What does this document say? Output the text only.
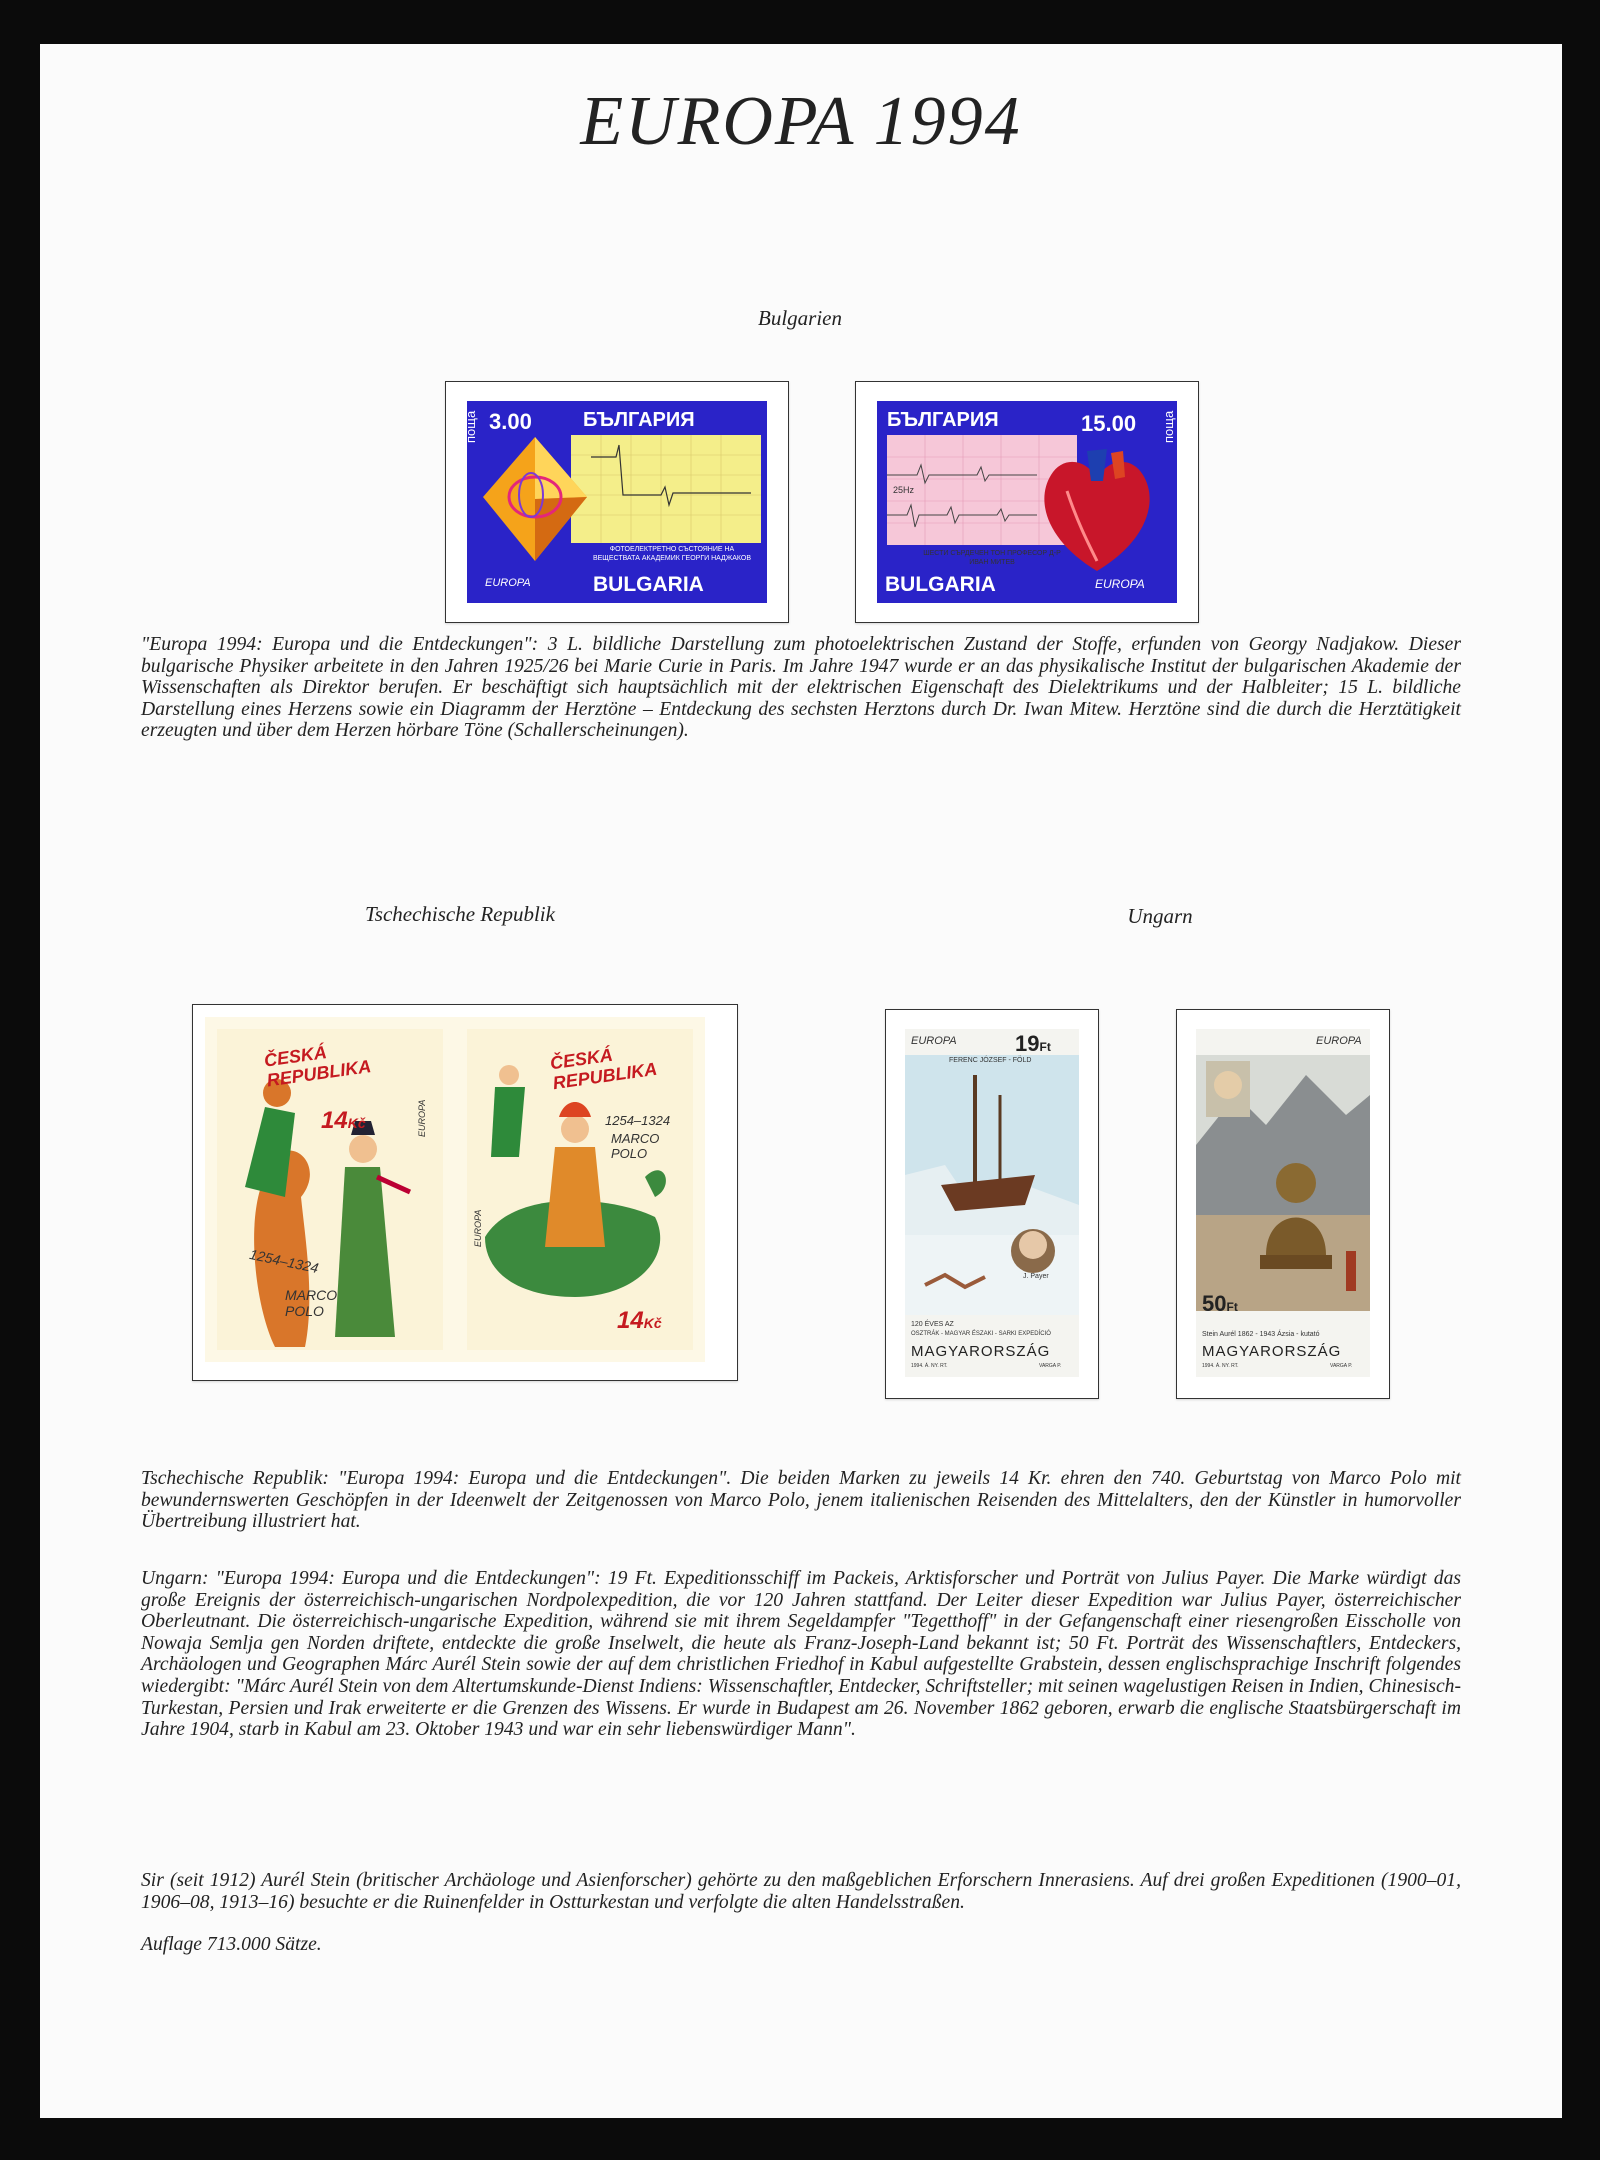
EUROPA 1994
Bulgarien
поща 3.00	БЪЛГАРИЯ
ФОТОЕЛЕКТРЕТНО СЪСТОЯНИЕ НА ВЕЩЕСТВАТА АКАДЕМИК ГЕОРГИ НАДЖАКОВ
EUROPA	BULGARIA
БЪЛГАРИЯ	15.00 поща
25Hz
ШЕСТИ СЪРДЕЧЕН ТОН ПРОФЕСОР Д-Р ИВАН МИТЕВ
BULGARIA	EUROPA

"Europa 1994: Europa und die Entdeckungen": 3 L. bildliche Darstellung zum photoelektrischen Zustand der Stoffe, erfunden von Georgy Nadjakow. Dieser bulgarische Physiker arbeitete in den Jahren 1925/26 bei Marie Curie in Paris. Im Jahre 1947 wurde er an das physikalische Institut der bulgarischen Akademie der Wissenschaften als Direktor berufen. Er beschäftigt sich hauptsächlich mit der elektrischen Eigenschaft des Dielektrikums und der Halbleiter; 15 L. bildliche Darstellung eines Herzens sowie ein Diagramm der Herztöne – Entdeckung des sechsten Herztons durch Dr. Iwan Mitew. Herztöne sind die durch die Herztätigkeit erzeugten und über dem Herzen hörbare Töne (Schallerscheinungen).

Tschechische Republik	Ungarn
ČESKÁ REPUBLIKA
14Kč	EUROPA
1254–1324
MARCO POLO
ČESKÁ REPUBLIKA
1254–1324
MARCO POLO
EUROPA
14Kč
EUROPA	19Ft
FERENC JÓZSEF - FÖLD
J. Payer
120 ÉVES AZ
OSZTRÁK - MAGYAR ÉSZAKI - SARKI EXPEDÍCIÓ
MAGYARORSZÁG
1994. Á. NY. RT.	VARGA P.
EUROPA
50Ft
Stein Aurél 1862 - 1943 Ázsia - kutató
MAGYARORSZÁG
1994. Á. NY. RT.	VARGA P.

Tschechische Republik: "Europa 1994: Europa und die Entdeckungen". Die beiden Marken zu jeweils 14 Kr. ehren den 740. Geburtstag von Marco Polo mit bewundernswerten Geschöpfen in der Ideenwelt der Zeitgenossen von Marco Polo, jenem italienischen Reisenden des Mittelalters, den der Künstler in humorvoller Übertreibung illustriert hat.

Ungarn: "Europa 1994: Europa und die Entdeckungen": 19 Ft. Expeditionsschiff im Packeis, Arktisforscher und Porträt von Julius Payer. Die Marke würdigt das große Ereignis der österreichisch-ungarischen Nordpolexpedition, die vor 120 Jahren stattfand. Der Leiter dieser Expedition war Julius Payer, österreichischer Oberleutnant. Die österreichisch-ungarische Expedition, während sie mit ihrem Segeldampfer "Tegetthoff" in der Gefangenschaft einer riesengroßen Eisscholle von Nowaja Semlja gen Norden driftete, entdeckte die große Inselwelt, die heute als Franz-Joseph-Land bekannt ist; 50 Ft. Porträt des Wissenschaftlers, Entdeckers, Archäologen und Geographen Márc Aurél Stein sowie der auf dem christlichen Friedhof in Kabul aufgestellte Grabstein, dessen englischsprachige Inschrift folgendes wiedergibt: "Márc Aurél Stein von dem Altertumskunde-Dienst Indiens: Wissenschaftler, Entdecker, Schriftsteller; mit seinen wagelustigen Reisen in Indien, Chinesisch-Turkestan, Persien und Irak erweiterte er die Grenzen des Wissens. Er wurde in Budapest am 26. November 1862 geboren, erwarb die englische Staatsbürgerschaft im Jahre 1904, starb in Kabul am 23. Oktober 1943 und war ein sehr liebenswürdiger Mann".

Sir (seit 1912) Aurél Stein (britischer Archäologe und Asienforscher) gehörte zu den maßgeblichen Erforschern Innerasiens. Auf drei großen Expeditionen (1900–01, 1906–08, 1913–16) besuchte er die Ruinenfelder in Ostturkestan und verfolgte die alten Handelsstraßen.

Auflage 713.000 Sätze.
